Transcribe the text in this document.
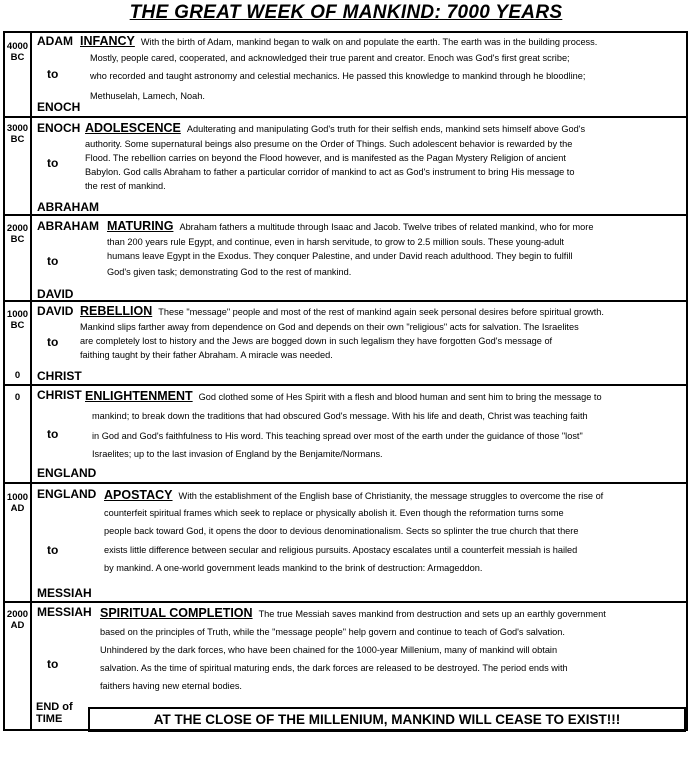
THE GREAT WEEK OF MANKIND: 7000 YEARS
4000
BC
ADAM
to
ENOCH
INFANCY With the birth of Adam, mankind began to walk on and populate the earth. The earth was in the building process.
Mostly, people cared, cooperated, and acknowledged their true parent and creator. Enoch was God's first great scribe;
who recorded and taught astronomy and celestial mechanics. He passed this knowledge to mankind through he bloodline;
Methuselah, Lamech, Noah.
3000
BC
ENOCH
to
ABRAHAM
ADOLESCENCE Adulterating and manipulating God's truth for their selfish ends, mankind sets himself above God's
authority. Some supernatural beings also presume on the Order of Things. Such adolescent behavior is rewarded by the
Flood. The rebellion carries on beyond the Flood however, and is manifested as the Pagan Mystery Religion of ancient
Babylon. God calls Abraham to father a particular corridor of mankind to act as God's instrument to bring His message to
the rest of mankind.
2000
BC
ABRAHAM
to
DAVID
MATURING Abraham fathers a multitude through Isaac and Jacob. Twelve tribes of related mankind, who for more
than 200 years rule Egypt, and continue, even in harsh servitude, to grow to 2.5 million souls. These young-adult
humans leave Egypt in the Exodus. They conquer Palestine, and under David reach adulthood. They begin to fulfill
God's given task; demonstrating God to the rest of mankind.
1000
BC
0
DAVID
to
CHRIST
REBELLION These "message" people and most of the rest of mankind again seek personal desires before spiritual growth.
Mankind slips farther away from dependence on God and depends on their own "religious" acts for salvation. The Israelites
are completely lost to history and the Jews are bogged down in such legalism they have forgotten God's message of
faithing taught by their father Abraham. A miracle was needed.
0	CHRIST
to
ENGLAND
ENLIGHTENMENT God clothed some of Hes Spirit with a flesh and blood human and sent him to bring the message to
mankind; to break down the traditions that had obscured God's message. With his life and death, Christ was teaching faith
in God and God's faithfulness to His word. This teaching spread over most of the earth under the guidance of those "lost"
Israelites; up to the last invasion of England by the Benjamite/Normans.
1000
AD
ENGLAND
to
MESSIAH
APOSTACY With the establishment of the English base of Christianity, the message struggles to overcome the rise of
counterfeit spiritual frames which seek to replace or physically abolish it. Even though the reformation turns some
people back toward God, it opens the door to devious denominationalism. Sects so splinter the true church that there
exists little difference between secular and religious pursuits. Apostacy escalates until a counterfeit messiah is hailed
by mankind. A one-world government leads mankind to the brink of destruction: Armageddon.
2000
AD
MESSIAH
to
SPIRITUAL COMPLETION The true Messiah saves mankind from destruction and sets up an earthly government
based on the principles of Truth, while the "message people" help govern and continue to teach of God's salvation.
Unhindered by the dark forces, who have been chained for the 1000-year Millenium, many of mankind will obtain
salvation. As the time of spiritual maturing ends, the dark forces are released to be destroyed. The period ends with
faithers having new eternal bodies.
END of
TIME	AT THE CLOSE OF THE MILLENIUM, MANKIND WILL CEASE TO EXIST!!!
